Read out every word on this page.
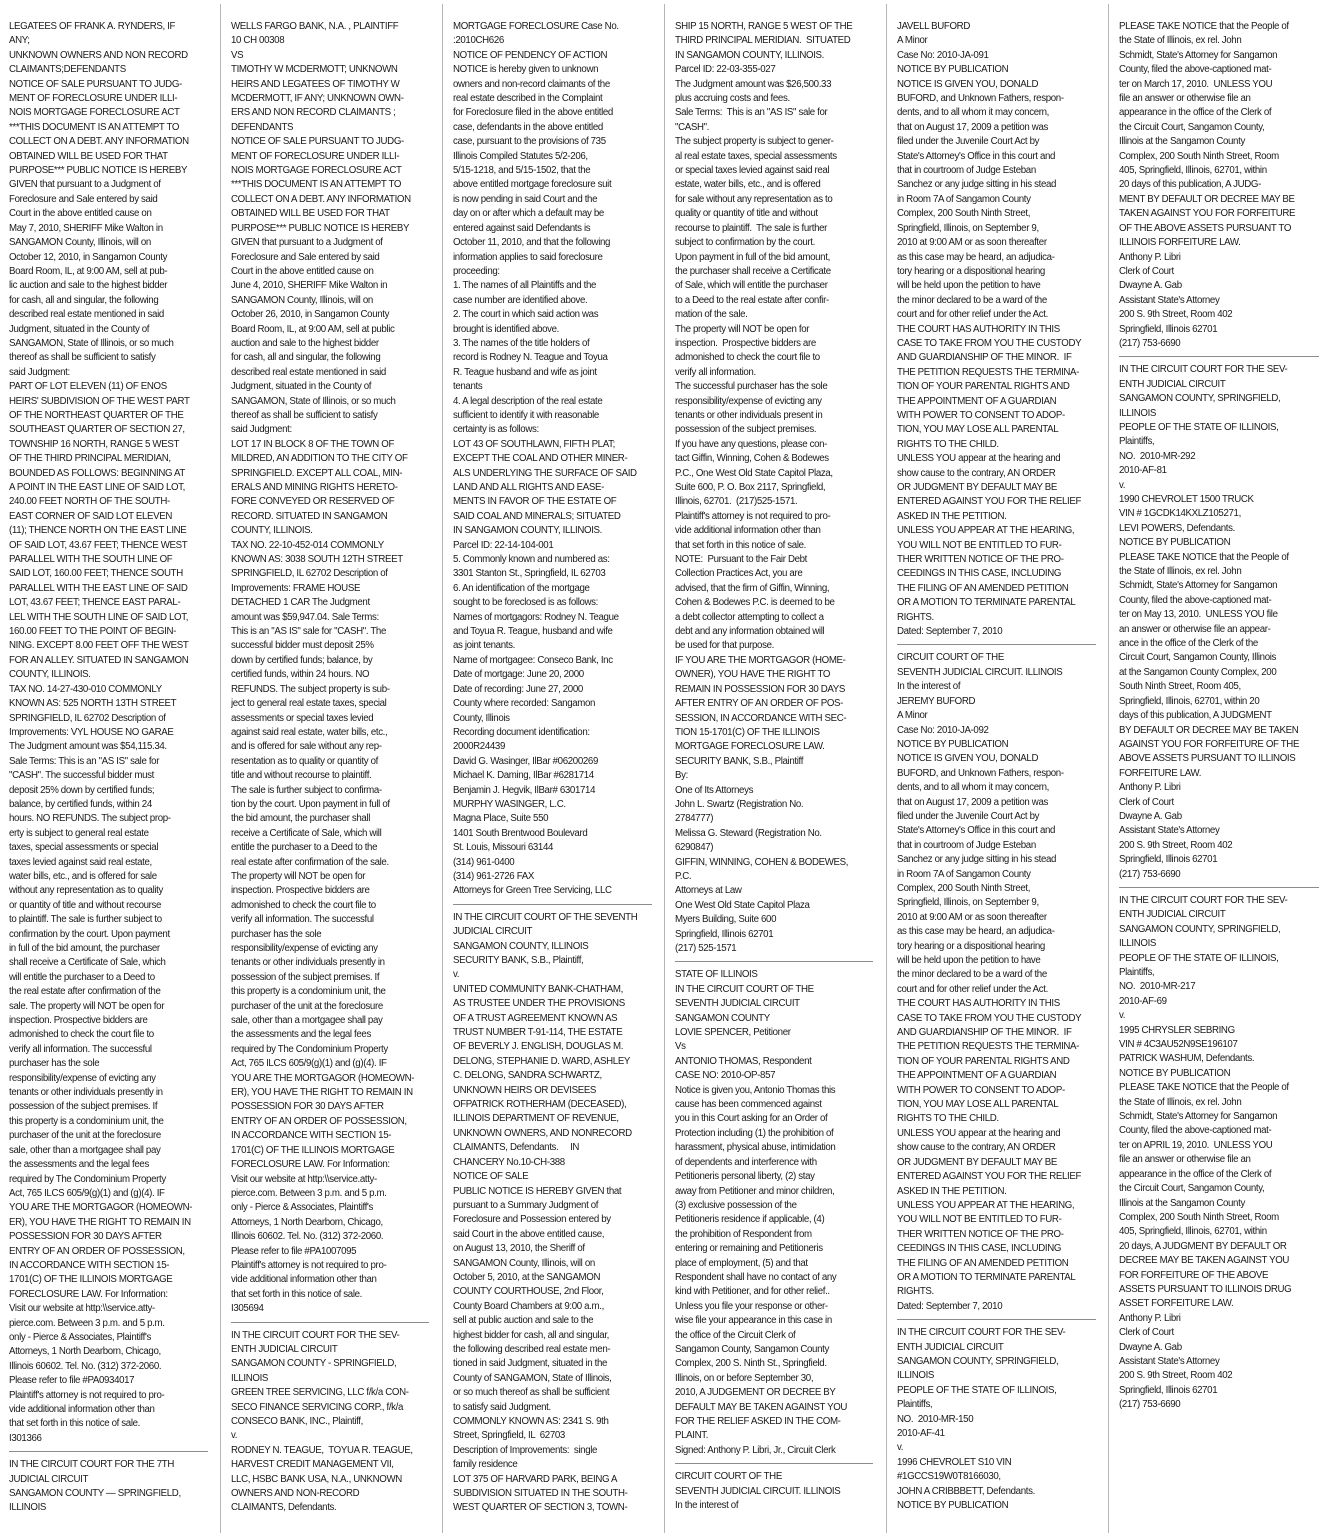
LEGATEES OF FRANK A. RYNDERS, IF
ANY;
UNKNOWN OWNERS AND NON RECORD
CLAIMANTS;DEFENDANTS
NOTICE OF SALE PURSUANT TO JUDG-
MENT OF FORECLOSURE UNDER ILLI-
NOIS MORTGAGE FORECLOSURE ACT
***THIS DOCUMENT IS AN ATTEMPT TO
COLLECT ON A DEBT. ANY INFORMATION
OBTAINED WILL BE USED FOR THAT
PURPOSE*** PUBLIC NOTICE IS HEREBY
GIVEN that pursuant to a Judgment of
Foreclosure and Sale entered by said
Court in the above entitled cause on
May 7, 2010, SHERIFF Mike Walton in
SANGAMON County, Illinois, will on
October 12, 2010, in Sangamon County
Board Room, IL, at 9:00 AM, sell at pub-
lic auction and sale to the highest bidder
for cash, all and singular, the following
described real estate mentioned in said
Judgment, situated in the County of
SANGAMON, State of Illinois, or so much
thereof as shall be sufficient to satisfy
said Judgment:
PART OF LOT ELEVEN (11) OF ENOS
HEIRS' SUBDIVISION OF THE WEST PART
OF THE NORTHEAST QUARTER OF THE
SOUTHEAST QUARTER OF SECTION 27,
TOWNSHIP 16 NORTH, RANGE 5 WEST
OF THE THIRD PRINCIPAL MERIDIAN,
BOUNDED AS FOLLOWS: BEGINNING AT
A POINT IN THE EAST LINE OF SAID LOT,
240.00 FEET NORTH OF THE SOUTH-
EAST CORNER OF SAID LOT ELEVEN
(11); THENCE NORTH ON THE EAST LINE
OF SAID LOT, 43.67 FEET; THENCE WEST
PARALLEL WITH THE SOUTH LINE OF
SAID LOT, 160.00 FEET; THENCE SOUTH
PARALLEL WITH THE EAST LINE OF SAID
LOT, 43.67 FEET; THENCE EAST PARAL-
LEL WITH THE SOUTH LINE OF SAID LOT,
160.00 FEET TO THE POINT OF BEGIN-
NING. EXCEPT 8.00 FEET OFF THE WEST
FOR AN ALLEY. SITUATED IN SANGAMON
COUNTY, ILLINOIS.
TAX NO. 14-27-430-010 COMMONLY
KNOWN AS: 525 NORTH 13TH STREET
SPRINGFIELD, IL 62702 Description of
Improvements: VYL HOUSE NO GARAE
The Judgment amount was $54,115.34.
Sale Terms: This is an "AS IS" sale for
"CASH". The successful bidder must
deposit 25% down by certified funds;
balance, by certified funds, within 24
hours. NO REFUNDS. The subject prop-
erty is subject to general real estate
taxes, special assessments or special
taxes levied against said real estate,
water bills, etc., and is offered for sale
without any representation as to quality
or quantity of title and without recourse
to plaintiff. The sale is further subject to
confirmation by the court. Upon payment
in full of the bid amount, the purchaser
shall receive a Certificate of Sale, which
will entitle the purchaser to a Deed to
the real estate after confirmation of the
sale. The property will NOT be open for
inspection. Prospective bidders are
admonished to check the court file to
verify all information. The successful
purchaser has the sole
responsibility/expense of evicting any
tenants or other individuals presently in
possession of the subject premises. If
this property is a condominium unit, the
purchaser of the unit at the foreclosure
sale, other than a mortgagee shall pay
the assessments and the legal fees
required by The Condominium Property
Act, 765 ILCS 605/9(g)(1) and (g)(4). IF
YOU ARE THE MORTGAGOR (HOMEOWN-
ER), YOU HAVE THE RIGHT TO REMAIN IN
POSSESSION FOR 30 DAYS AFTER
ENTRY OF AN ORDER OF POSSESSION,
IN ACCORDANCE WITH SECTION 15-
1701(C) OF THE ILLINOIS MORTGAGE
FORECLOSURE LAW. For Information:
Visit our website at http:\\service.atty-
pierce.com. Between 3 p.m. and 5 p.m.
only - Pierce & Associates, Plaintiff's
Attorneys, 1 North Dearborn, Chicago,
Illinois 60602. Tel. No. (312) 372-2060.
Please refer to file #PA0934017
Plaintiff's attorney is not required to pro-
vide additional information other than
that set forth in this notice of sale.
I301366
IN THE CIRCUIT COURT FOR THE 7TH
JUDICIAL CIRCUIT
SANGAMON COUNTY — SPRINGFIELD,
ILLINOIS
WELLS FARGO BANK, N.A. , PLAINTIFF
10 CH 00308
VS
TIMOTHY W MCDERMOTT; UNKNOWN
HEIRS AND LEGATEES OF TIMOTHY W
MCDERMOTT, IF ANY; UNKNOWN OWN-
ERS AND NON RECORD CLAIMANTS ;
DEFENDANTS
NOTICE OF SALE PURSUANT TO JUDG-
MENT OF FORECLOSURE UNDER ILLI-
NOIS MORTGAGE FORECLOSURE ACT
***THIS DOCUMENT IS AN ATTEMPT TO
COLLECT ON A DEBT. ANY INFORMATION
OBTAINED WILL BE USED FOR THAT
PURPOSE*** PUBLIC NOTICE IS HEREBY
GIVEN that pursuant to a Judgment of
Foreclosure and Sale entered by said
Court in the above entitled cause on
June 4, 2010, SHERIFF Mike Walton in
SANGAMON County, Illinois, will on
October 26, 2010, in Sangamon County
Board Room, IL, at 9:00 AM, sell at public
auction and sale to the highest bidder
for cash, all and singular, the following
described real estate mentioned in said
Judgment, situated in the County of
SANGAMON, State of Illinois, or so much
thereof as shall be sufficient to satisfy
said Judgment:
LOT 17 IN BLOCK 8 OF THE TOWN OF
MILDRED, AN ADDITION TO THE CITY OF
SPRINGFIELD. EXCEPT ALL COAL, MIN-
ERALS AND MINING RIGHTS HERETO-
FORE CONVEYED OR RESERVED OF
RECORD. SITUATED IN SANGAMON
COUNTY, ILLINOIS.
TAX NO. 22-10-452-014 COMMONLY
KNOWN AS: 3038 SOUTH 12TH STREET
SPRINGFIELD, IL 62702 Description of
Improvements: FRAME HOUSE
DETACHED 1 CAR The Judgment
amount was $59,947.04. Sale Terms:
This is an "AS IS" sale for "CASH". The
successful bidder must deposit 25%
down by certified funds; balance, by
certified funds, within 24 hours. NO
REFUNDS. The subject property is sub-
ject to general real estate taxes, special
assessments or special taxes levied
against said real estate, water bills, etc.,
and is offered for sale without any rep-
resentation as to quality or quantity of
title and without recourse to plaintiff.
The sale is further subject to confirma-
tion by the court. Upon payment in full of
the bid amount, the purchaser shall
receive a Certificate of Sale, which will
entitle the purchaser to a Deed to the
real estate after confirmation of the sale.
The property will NOT be open for
inspection. Prospective bidders are
admonished to check the court file to
verify all information. The successful
purchaser has the sole
responsibility/expense of evicting any
tenants or other individuals presently in
possession of the subject premises. If
this property is a condominium unit, the
purchaser of the unit at the foreclosure
sale, other than a mortgagee shall pay
the assessments and the legal fees
required by The Condominium Property
Act, 765 ILCS 605/9(g)(1) and (g)(4). IF
YOU ARE THE MORTGAGOR (HOMEOWN-
ER), YOU HAVE THE RIGHT TO REMAIN IN
POSSESSION FOR 30 DAYS AFTER
ENTRY OF AN ORDER OF POSSESSION,
IN ACCORDANCE WITH SECTION 15-
1701(C) OF THE ILLINOIS MORTGAGE
FORECLOSURE LAW. For Information:
Visit our website at http:\\service.atty-
pierce.com. Between 3 p.m. and 5 p.m.
only - Pierce & Associates, Plaintiff's
Attorneys, 1 North Dearborn, Chicago,
Illinois 60602. Tel. No. (312) 372-2060.
Please refer to file #PA1007095
Plaintiff's attorney is not required to pro-
vide additional information other than
that set forth in this notice of sale.
I305694
IN THE CIRCUIT COURT FOR THE SEV-
ENTH JUDICIAL CIRCUIT
SANGAMON COUNTY - SPRINGFIELD,
ILLINOIS
GREEN TREE SERVICING, LLC f/k/a CON-
SECO FINANCE SERVICING CORP., f/k/a
CONSECO BANK, INC., Plaintiff,
v.
RODNEY N. TEAGUE,  TOYUA R. TEAGUE,
HARVEST CREDIT MANAGEMENT VII,
LLC, HSBC BANK USA, N.A., UNKNOWN
OWNERS AND NON-RECORD
CLAIMANTS, Defendants.
MORTGAGE FORECLOSURE Case No.
:2010CH626
NOTICE OF PENDENCY OF ACTION
NOTICE is hereby given to unknown
owners and non-record claimants of the
real estate described in the Complaint
for Foreclosure filed in the above entitled
case, defendants in the above entitled
case, pursuant to the provisions of 735
Illinois Compiled Statutes 5/2-206,
5/15-1218, and 5/15-1502, that the
above entitled mortgage foreclosure suit
is now pending in said Court and the
day on or after which a default may be
entered against said Defendants is
October 11, 2010, and that the following
information applies to said foreclosure
proceeding:
1. The names of all Plaintiffs and the
case number are identified above.
2. The court in which said action was
brought is identified above.
3. The names of the title holders of
record is Rodney N. Teague and Toyua
R. Teague husband and wife as joint
tenants
4. A legal description of the real estate
sufficient to identify it with reasonable
certainty is as follows:
LOT 43 OF SOUTHLAWN, FIFTH PLAT;
EXCEPT THE COAL AND OTHER MINER-
ALS UNDERLYING THE SURFACE OF SAID
LAND AND ALL RIGHTS AND EASE-
MENTS IN FAVOR OF THE ESTATE OF
SAID COAL AND MINERALS; SITUATED
IN SANGAMON COUNTY, ILLINOIS.
Parcel ID: 22-14-104-001
5. Commonly known and numbered as:
3301 Stanton St., Springfield, IL 62703
6. An identification of the mortgage
sought to be foreclosed is as follows:
Names of mortgagors: Rodney N. Teague
and Toyua R. Teague, husband and wife
as joint tenants.
Name of mortgagee: Conseco Bank, Inc
Date of mortgage: June 20, 2000
Date of recording: June 27, 2000
County where recorded: Sangamon
County, Illinois
Recording document identification:
2000R24439
David G. Wasinger, IlBar #06200269
Michael K. Daming, IlBar #6281714
Benjamin J. Hegvik, IlBar# 6301714
MURPHY WASINGER, L.C.
Magna Place, Suite 550
1401 South Brentwood Boulevard
St. Louis, Missouri 63144
(314) 961-0400
(314) 961-2726 FAX
Attorneys for Green Tree Servicing, LLC
IN THE CIRCUIT COURT OF THE SEVENTH
JUDICIAL CIRCUIT
SANGAMON COUNTY, ILLINOIS
SECURITY BANK, S.B., Plaintiff,
v.
UNITED COMMUNITY BANK-CHATHAM,
AS TRUSTEE UNDER THE PROVISIONS
OF A TRUST AGREEMENT KNOWN AS
TRUST NUMBER T-91-114, THE ESTATE
OF BEVERLY J. ENGLISH, DOUGLAS M.
DELONG, STEPHANIE D. WARD, ASHLEY
C. DELONG, SANDRA SCHWARTZ,
UNKNOWN HEIRS OR DEVISEES
OFPATRICK ROTHERHAM (DECEASED),
ILLINOIS DEPARTMENT OF REVENUE,
UNKNOWN OWNERS, AND NONRECORD
CLAIMANTS, Defendants.     IN
CHANCERY No.10-CH-388
NOTICE OF SALE
PUBLIC NOTICE IS HEREBY GIVEN that
pursuant to a Summary Judgment of
Foreclosure and Possession entered by
said Court in the above entitled cause,
on August 13, 2010, the Sheriff of
SANGAMON County, Illinois, will on
October 5, 2010, at the SANGAMON
COUNTY COURTHOUSE, 2nd Floor,
County Board Chambers at 9:00 a.m.,
sell at public auction and sale to the
highest bidder for cash, all and singular,
the following described real estate men-
tioned in said Judgment, situated in the
County of SANGAMON, State of Illinois,
or so much thereof as shall be sufficient
to satisfy said Judgment.
COMMONLY KNOWN AS: 2341 S. 9th
Street, Springfield, IL  62703
Description of Improvements:  single
family residence
LOT 375 OF HARVARD PARK, BEING A
SUBDIVISION SITUATED IN THE SOUTH-
WEST QUARTER OF SECTION 3, TOWN-
SHIP 15 NORTH, RANGE 5 WEST OF THE
THIRD PRINCIPAL MERIDIAN.  SITUATED
IN SANGAMON COUNTY, ILLINOIS.
Parcel ID: 22-03-355-027
The Judgment amount was $26,500.33
plus accruing costs and fees.
Sale Terms:  This is an "AS IS" sale for
"CASH".
The subject property is subject to gener-
al real estate taxes, special assessments
or special taxes levied against said real
estate, water bills, etc., and is offered
for sale without any representation as to
quality or quantity of title and without
recourse to plaintiff.  The sale is further
subject to confirmation by the court.
Upon payment in full of the bid amount,
the purchaser shall receive a Certificate
of Sale, which will entitle the purchaser
to a Deed to the real estate after confir-
mation of the sale.
The property will NOT be open for
inspection.  Prospective bidders are
admonished to check the court file to
verify all information.
The successful purchaser has the sole
responsibility/expense of evicting any
tenants or other individuals present in
possession of the subject premises.
If you have any questions, please con-
tact Giffin, Winning, Cohen & Bodewes
P.C., One West Old State Capitol Plaza,
Suite 600, P. O. Box 2117, Springfield,
Illinois, 62701.  (217)525-1571.
Plaintiff's attorney is not required to pro-
vide additional information other than
that set forth in this notice of sale.
NOTE:  Pursuant to the Fair Debt
Collection Practices Act, you are
advised, that the firm of Giffin, Winning,
Cohen & Bodewes P.C. is deemed to be
a debt collector attempting to collect a
debt and any information obtained will
be used for that purpose.
IF YOU ARE THE MORTGAGOR (HOME-
OWNER), YOU HAVE THE RIGHT TO
REMAIN IN POSSESSION FOR 30 DAYS
AFTER ENTRY OF AN ORDER OF POS-
SESSION, IN ACCORDANCE WITH SEC-
TION 15-1701(C) OF THE ILLINOIS
MORTGAGE FORECLOSURE LAW.
SECURITY BANK, S.B., Plaintiff
By:
One of Its Attorneys
John L. Swartz (Registration No.
2784777)
Melissa G. Steward (Registration No.
6290847)
GIFFIN, WINNING, COHEN & BODEWES,
P.C.
Attorneys at Law
One West Old State Capitol Plaza
Myers Building, Suite 600
Springfield, Illinois 62701
(217) 525-1571
STATE OF ILLINOIS
IN THE CIRCUIT COURT OF THE
SEVENTH JUDICIAL CIRCUIT
SANGAMON COUNTY
LOVIE SPENCER, Petitioner
Vs
ANTONIO THOMAS, Respondent
CASE NO: 2010-OP-857
Notice is given you, Antonio Thomas this
cause has been commenced against
you in this Court asking for an Order of
Protection including (1) the prohibition of
harassment, physical abuse, intimidation
of dependents and interference with
Petitioneris personal liberty, (2) stay
away from Petitioner and minor children,
(3) exclusive possession of the
Petitioneris residence if applicable, (4)
the prohibition of Respondent from
entering or remaining and Petitioneris
place of employment, (5) and that
Respondent shall have no contact of any
kind with Petitioner, and for other relief..
Unless you file your response or other-
wise file your appearance in this case in
the office of the Circuit Clerk of
Sangamon County, Sangamon County
Complex, 200 S. Ninth St., Springfield.
Illinois, on or before September 30,
2010, A JUDGEMENT OR DECREE BY
DEFAULT MAY BE TAKEN AGAINST YOU
FOR THE RELIEF ASKED IN THE COM-
PLAINT.
Signed: Anthony P. Libri, Jr., Circuit Clerk
CIRCUIT COURT OF THE
SEVENTH JUDICIAL CIRCUIT. ILLINOIS
In the interest of
JAVELL BUFORD
A Minor
Case No: 2010-JA-091
NOTICE BY PUBLICATION
NOTICE IS GIVEN YOU, DONALD
BUFORD, and Unknown Fathers, respon-
dents, and to all whom it may concern,
that on August 17, 2009 a petition was
filed under the Juvenile Court Act by
State's Attorney's Office in this court and
that in courtroom of Judge Esteban
Sanchez or any judge sitting in his stead
in Room 7A of Sangamon County
Complex, 200 South Ninth Street,
Springfield, Illinois, on September 9,
2010 at 9:00 AM or as soon thereafter
as this case may be heard, an adjudica-
tory hearing or a dispositional hearing
will be held upon the petition to have
the minor declared to be a ward of the
court and for other relief under the Act.
THE COURT HAS AUTHORITY IN THIS
CASE TO TAKE FROM YOU THE CUSTODY
AND GUARDIANSHIP OF THE MINOR.  IF
THE PETITION REQUESTS THE TERMINA-
TION OF YOUR PARENTAL RIGHTS AND
THE APPOINTMENT OF A GUARDIAN
WITH POWER TO CONSENT TO ADOP-
TION, YOU MAY LOSE ALL PARENTAL
RIGHTS TO THE CHILD.
UNLESS YOU appear at the hearing and
show cause to the contrary, AN ORDER
OR JUDGMENT BY DEFAULT MAY BE
ENTERED AGAINST YOU FOR THE RELIEF
ASKED IN THE PETITION.
UNLESS YOU APPEAR AT THE HEARING,
YOU WILL NOT BE ENTITLED TO FUR-
THER WRITTEN NOTICE OF THE PRO-
CEEDINGS IN THIS CASE, INCLUDING
THE FILING OF AN AMENDED PETITION
OR A MOTION TO TERMINATE PARENTAL
RIGHTS.
Dated: September 7, 2010
CIRCUIT COURT OF THE
SEVENTH JUDICIAL CIRCUIT. ILLINOIS
In the interest of
JEREMY BUFORD
A Minor
Case No: 2010-JA-092
NOTICE BY PUBLICATION
NOTICE IS GIVEN YOU, DONALD
BUFORD, and Unknown Fathers, respon-
dents, and to all whom it may concern,
that on August 17, 2009 a petition was
filed under the Juvenile Court Act by
State's Attorney's Office in this court and
that in courtroom of Judge Esteban
Sanchez or any judge sitting in his stead
in Room 7A of Sangamon County
Complex, 200 South Ninth Street,
Springfield, Illinois, on September 9,
2010 at 9:00 AM or as soon thereafter
as this case may be heard, an adjudica-
tory hearing or a dispositional hearing
will be held upon the petition to have
the minor declared to be a ward of the
court and for other relief under the Act.
THE COURT HAS AUTHORITY IN THIS
CASE TO TAKE FROM YOU THE CUSTODY
AND GUARDIANSHIP OF THE MINOR.  IF
THE PETITION REQUESTS THE TERMINA-
TION OF YOUR PARENTAL RIGHTS AND
THE APPOINTMENT OF A GUARDIAN
WITH POWER TO CONSENT TO ADOP-
TION, YOU MAY LOSE ALL PARENTAL
RIGHTS TO THE CHILD.
UNLESS YOU appear at the hearing and
show cause to the contrary, AN ORDER
OR JUDGMENT BY DEFAULT MAY BE
ENTERED AGAINST YOU FOR THE RELIEF
ASKED IN THE PETITION.
UNLESS YOU APPEAR AT THE HEARING,
YOU WILL NOT BE ENTITLED TO FUR-
THER WRITTEN NOTICE OF THE PRO-
CEEDINGS IN THIS CASE, INCLUDING
THE FILING OF AN AMENDED PETITION
OR A MOTION TO TERMINATE PARENTAL
RIGHTS.
Dated: September 7, 2010
IN THE CIRCUIT COURT FOR THE SEV-
ENTH JUDICIAL CIRCUIT
SANGAMON COUNTY, SPRINGFIELD,
ILLINOIS
PEOPLE OF THE STATE OF ILLINOIS,
Plaintiffs,
NO.  2010-MR-150
2010-AF-41
v.
1996 CHEVROLET S10 VIN
#1GCCS19W0T8166030,
JOHN A CRIBBBETT, Defendants.
NOTICE BY PUBLICATION
PLEASE TAKE NOTICE that the People of
the State of Illinois, ex rel. John
Schmidt, State's Attorney for Sangamon
County, filed the above-captioned mat-
ter on March 17, 2010.  UNLESS YOU
file an answer or otherwise file an
appearance in the office of the Clerk of
the Circuit Court, Sangamon County,
Illinois at the Sangamon County
Complex, 200 South Ninth Street, Room
405, Springfield, Illinois, 62701, within
20 days of this publication, A JUDG-
MENT BY DEFAULT OR DECREE MAY BE
TAKEN AGAINST YOU FOR FORFEITURE
OF THE ABOVE ASSETS PURSUANT TO
ILLINOIS FORFEITURE LAW.
Anthony P. Libri
Clerk of Court
Dwayne A. Gab
Assistant State's Attorney
200 S. 9th Street, Room 402
Springfield, Illinois 62701
(217) 753-6690
IN THE CIRCUIT COURT FOR THE SEV-
ENTH JUDICIAL CIRCUIT
SANGAMON COUNTY, SPRINGFIELD,
ILLINOIS
PEOPLE OF THE STATE OF ILLINOIS,
Plaintiffs,
NO.  2010-MR-292
2010-AF-81
v.
1990 CHEVROLET 1500 TRUCK
VIN # 1GCDK14KXLZ105271,
LEVI POWERS, Defendants.
NOTICE BY PUBLICATION
PLEASE TAKE NOTICE that the People of
the State of Illinois, ex rel. John
Schmidt, State's Attorney for Sangamon
County, filed the above-captioned mat-
ter on May 13, 2010.  UNLESS YOU file
an answer or otherwise file an appear-
ance in the office of the Clerk of the
Circuit Court, Sangamon County, Illinois
at the Sangamon County Complex, 200
South Ninth Street, Room 405,
Springfield, Illinois, 62701, within 20
days of this publication, A JUDGMENT
BY DEFAULT OR DECREE MAY BE TAKEN
AGAINST YOU FOR FORFEITURE OF THE
ABOVE ASSETS PURSUANT TO ILLINOIS
FORFEITURE LAW.
Anthony P. Libri
Clerk of Court
Dwayne A. Gab
Assistant State's Attorney
200 S. 9th Street, Room 402
Springfield, Illinois 62701
(217) 753-6690
IN THE CIRCUIT COURT FOR THE SEV-
ENTH JUDICIAL CIRCUIT
SANGAMON COUNTY, SPRINGFIELD,
ILLINOIS
PEOPLE OF THE STATE OF ILLINOIS,
Plaintiffs,
NO.  2010-MR-217
2010-AF-69
v.
1995 CHRYSLER SEBRING
VIN # 4C3AU52N9SE196107
PATRICK WASHUM, Defendants.
NOTICE BY PUBLICATION
PLEASE TAKE NOTICE that the People of
the State of Illinois, ex rel. John
Schmidt, State's Attorney for Sangamon
County, filed the above-captioned mat-
ter on APRIL 19, 2010.  UNLESS YOU
file an answer or otherwise file an
appearance in the office of the Clerk of
the Circuit Court, Sangamon County,
Illinois at the Sangamon County
Complex, 200 South Ninth Street, Room
405, Springfield, Illinois, 62701, within
20 days, A JUDGMENT BY DEFAULT OR
DECREE MAY BE TAKEN AGAINST YOU
FOR FORFEITURE OF THE ABOVE
ASSETS PURSUANT TO ILLINOIS DRUG
ASSET FORFEITURE LAW.
Anthony P. Libri
Clerk of Court
Dwayne A. Gab
Assistant State's Attorney
200 S. 9th Street, Room 402
Springfield, Illinois 62701
(217) 753-6690
